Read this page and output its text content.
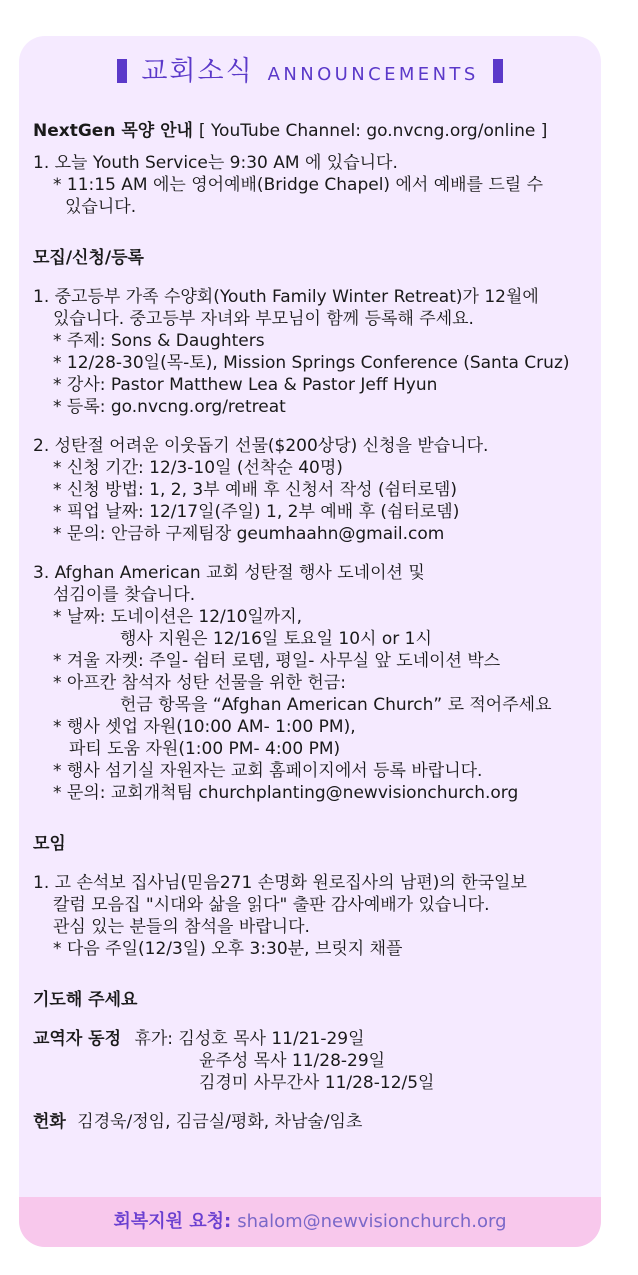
교회소식 ANNOUNCEMENTS
NextGen 목양 안내 [ YouTube Channel: go.nvcng.org/online ]
1. 오늘 Youth Service는 9:30 AM 에 있습니다.
* 11:15 AM 에는 영어예배(Bridge Chapel) 에서 예배를 드릴 수
있습니다.
모집/신청/등록
1. 중고등부 가족 수양회(Youth Family Winter Retreat)가 12월에
있습니다. 중고등부 자녀와 부모님이 함께 등록해 주세요.
* 주제: Sons & Daughters
* 12/28-30일(목-토), Mission Springs Conference (Santa Cruz)
* 강사: Pastor Matthew Lea & Pastor Jeff Hyun
* 등록: go.nvcng.org/retreat
2. 성탄절 어려운 이웃돕기 선물($200상당) 신청을 받습니다.
* 신청 기간: 12/3-10일 (선착순 40명)
* 신청 방법: 1, 2, 3부 예배 후 신청서 작성 (쉼터로뎀)
* 픽업 날짜: 12/17일(주일) 1, 2부 예배 후 (쉼터로뎀)
* 문의: 안금하 구제팀장 geumhaahn@gmail.com
3. Afghan American 교회 성탄절 행사 도네이션 및
섬김이를 찾습니다.
* 날짜: 도네이션은 12/10일까지,
행사 지원은 12/16일 토요일 10시 or 1시
* 겨울 자켓: 주일- 쉼터 로뎀, 평일- 사무실 앞 도네이션 박스
* 아프칸 참석자 성탄 선물을 위한 헌금:
헌금 항목을 “Afghan American Church” 로 적어주세요
* 행사 셋업 자원(10:00 AM- 1:00 PM),
파티 도움 자원(1:00 PM- 4:00 PM)
* 행사 섬기실 자원자는 교회 홈페이지에서 등록 바랍니다.
* 문의: 교회개척팀 churchplanting@newvisionchurch.org
모임
1. 고 손석보 집사님(믿음271 손명화 원로집사의 남편)의 한국일보
칼럼 모음집 "시대와 삶을 읽다" 출판 감사예배가 있습니다.
관심 있는 분들의 참석을 바랍니다.
* 다음 주일(12/3일) 오후 3:30분, 브릿지 채플
기도해 주세요
교역자 동정 휴가: 김성호 목사 11/21-29일
윤주성 목사 11/28-29일
김경미 사무간사 11/28-12/5일
헌화 김경욱/정임, 김금실/평화, 차남술/임초
회복지원 요청: shalom@newvisionchurch.org
